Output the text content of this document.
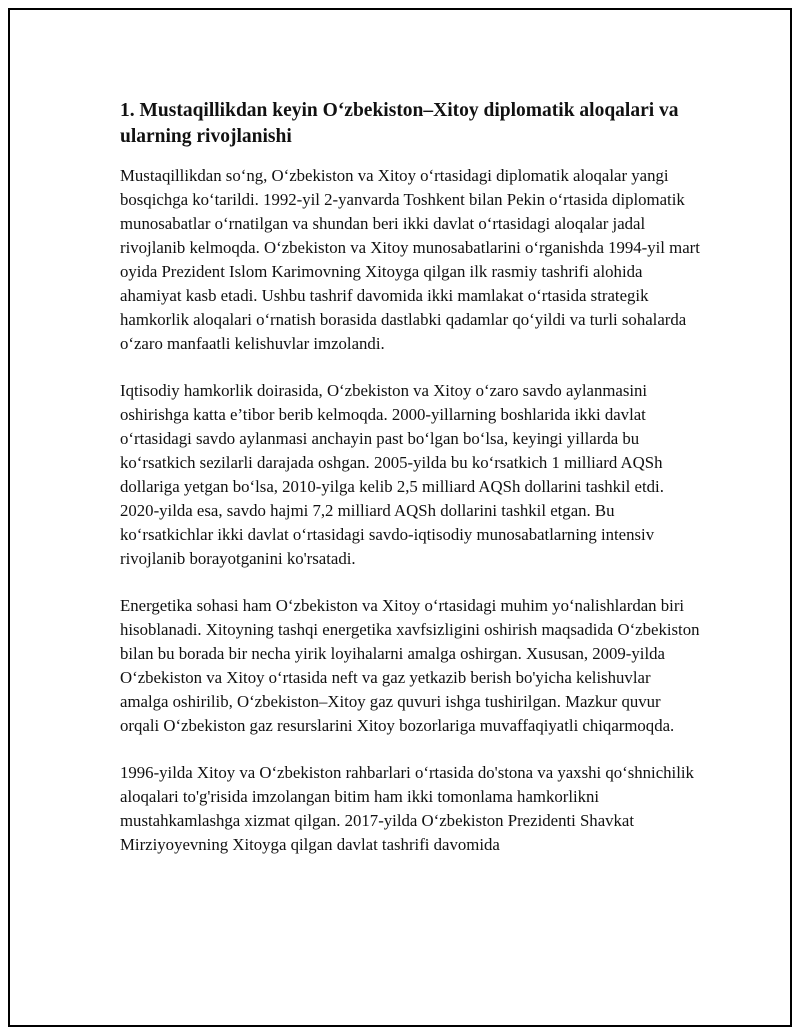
1. Mustaqillikdan keyin O‘zbekiston–Xitoy diplomatik aloqalari va ularning rivojlanishi

Mustaqillikdan so‘ng, O‘zbekiston va Xitoy o‘rtasidagi diplomatik aloqalar yangi bosqichga ko‘tarildi. 1992-yil 2-yanvarda Toshkent bilan Pekin o‘rtasida diplomatik munosabatlar o‘rnatilgan va shundan beri ikki davlat o‘rtasidagi aloqalar jadal rivojlanib kelmoqda. O‘zbekiston va Xitoy munosabatlarini o‘rganishda 1994-yil mart oyida Prezident Islom Karimovning Xitoyga qilgan ilk rasmiy tashrifi alohida ahamiyat kasb etadi. Ushbu tashrif davomida ikki mamlakat o‘rtasida strategik hamkorlik aloqalari o‘rnatish borasida dastlabki qadamlar qo‘yildi va turli sohalarda o‘zaro manfaatli kelishuvlar imzolandi.

Iqtisodiy hamkorlik doirasida, O‘zbekiston va Xitoy o‘zaro savdo aylanmasini oshirishga katta e’tibor berib kelmoqda. 2000-yillarning boshlarida ikki davlat o‘rtasidagi savdo aylanmasi anchayin past bo‘lgan bo‘lsa, keyingi yillarda bu ko‘rsatkich sezilarli darajada oshgan. 2005-yilda bu ko‘rsatkich 1 milliard AQSh dollariga yetgan bo‘lsa, 2010-yilga kelib 2,5 milliard AQSh dollarini tashkil etdi. 2020-yilda esa, savdo hajmi 7,2 milliard AQSh dollarini tashkil etgan. Bu ko‘rsatkichlar ikki davlat o‘rtasidagi savdo-iqtisodiy munosabatlarning intensiv rivojlanib borayotganini ko'rsatadi.

Energetika sohasi ham O‘zbekiston va Xitoy o‘rtasidagi muhim yo‘nalishlardan biri hisoblanadi. Xitoyning tashqi energetika xavfsizligini oshirish maqsadida O‘zbekiston bilan bu borada bir necha yirik loyihalarni amalga oshirgan. Xususan, 2009-yilda O‘zbekiston va Xitoy o‘rtasida neft va gaz yetkazib berish bo'yicha kelishuvlar amalga oshirilib, O‘zbekiston–Xitoy gaz quvuri ishga tushirilgan. Mazkur quvur orqali O‘zbekiston gaz resurslarini Xitoy bozorlariga muvaffaqiyatli chiqarmoqda.

1996-yilda Xitoy va O‘zbekiston rahbarlari o‘rtasida do'stona va yaxshi qo‘shnichilik aloqalari to'g'risida imzolangan bitim ham ikki tomonlama hamkorlikni mustahkamlashga xizmat qilgan. 2017-yilda O‘zbekiston Prezidenti Shavkat Mirziyoyevning Xitoyga qilgan davlat tashrifi davomida
